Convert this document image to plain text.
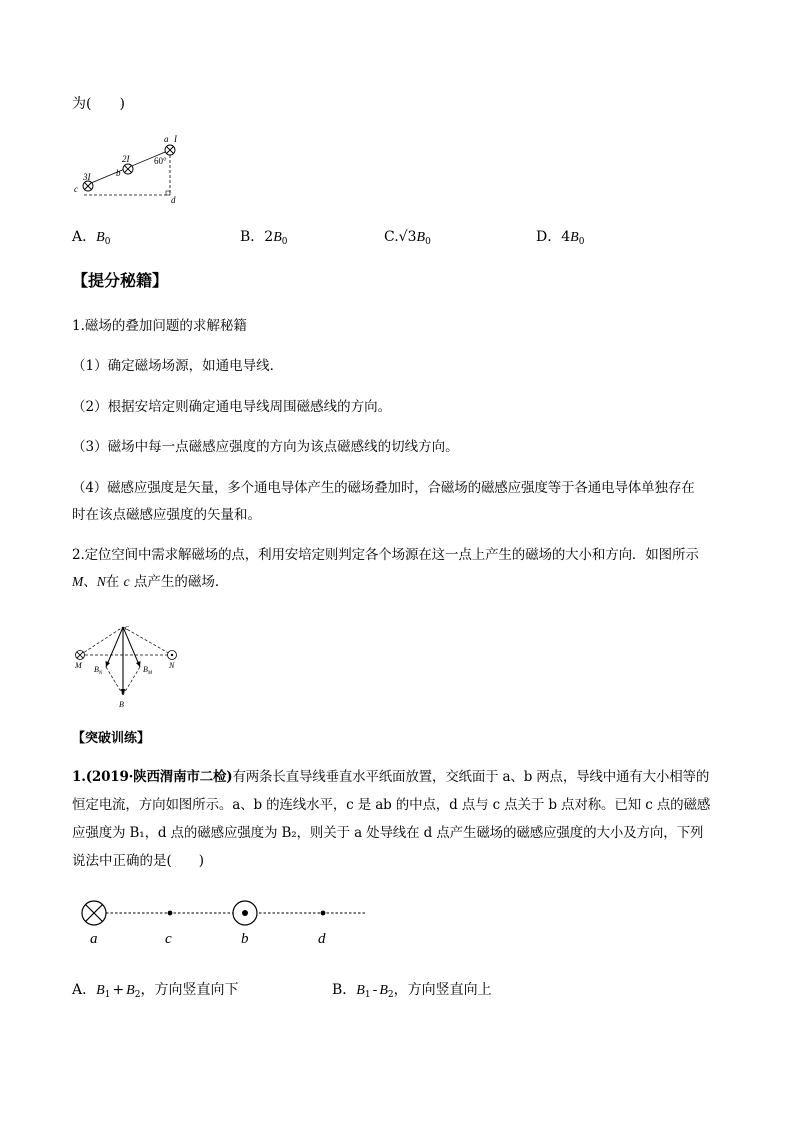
为(　　)
a I
2I
b
3I
c
60°
d
A．$B_0$	B．$2B_0$	$C.√3B_0$	D．$4B_0$
【提分秘籍】
1.磁场的叠加问题的求解秘籍
（1）确定磁场场源，如通电导线．
（2）根据安培定则确定通电导线周围磁感线的方向。
（3）磁场中每一点磁感应强度的方向为该点磁感线的切线方向。
（4）磁感应强度是矢量，多个通电导体产生的磁场叠加时，合磁场的磁感应强度等于各通电导体单独存在
时在该点磁感应强度的矢量和。
2.定位空间中需求解磁场的点，利用安培定则判定各个场源在这一点上产生的磁场的大小和方向．如图所示
M、N在 c 点产生的磁场．
c
M	N
$B_N$	$B_M$
B
【突破训练】
1.(2019·陕西渭南市二检)有两条长直导线垂直水平纸面放置，交纸面于 a、b 两点，导线中通有大小相等的
恒定电流，方向如图所示。a、b 的连线水平，c 是 ab 的中点，d 点与 c 点关于 b 点对称。已知 c 点的磁感
应强度为 B₁，d 点的磁感应强度为 B₂，则关于 a 处导线在 d 点产生磁场的磁感应强度的大小及方向，下列
说法中正确的是(　　)
a	c	b	d
A．$B_1 + B_2$，方向竖直向下	B．$B_1 - B_2$，方向竖直向上
